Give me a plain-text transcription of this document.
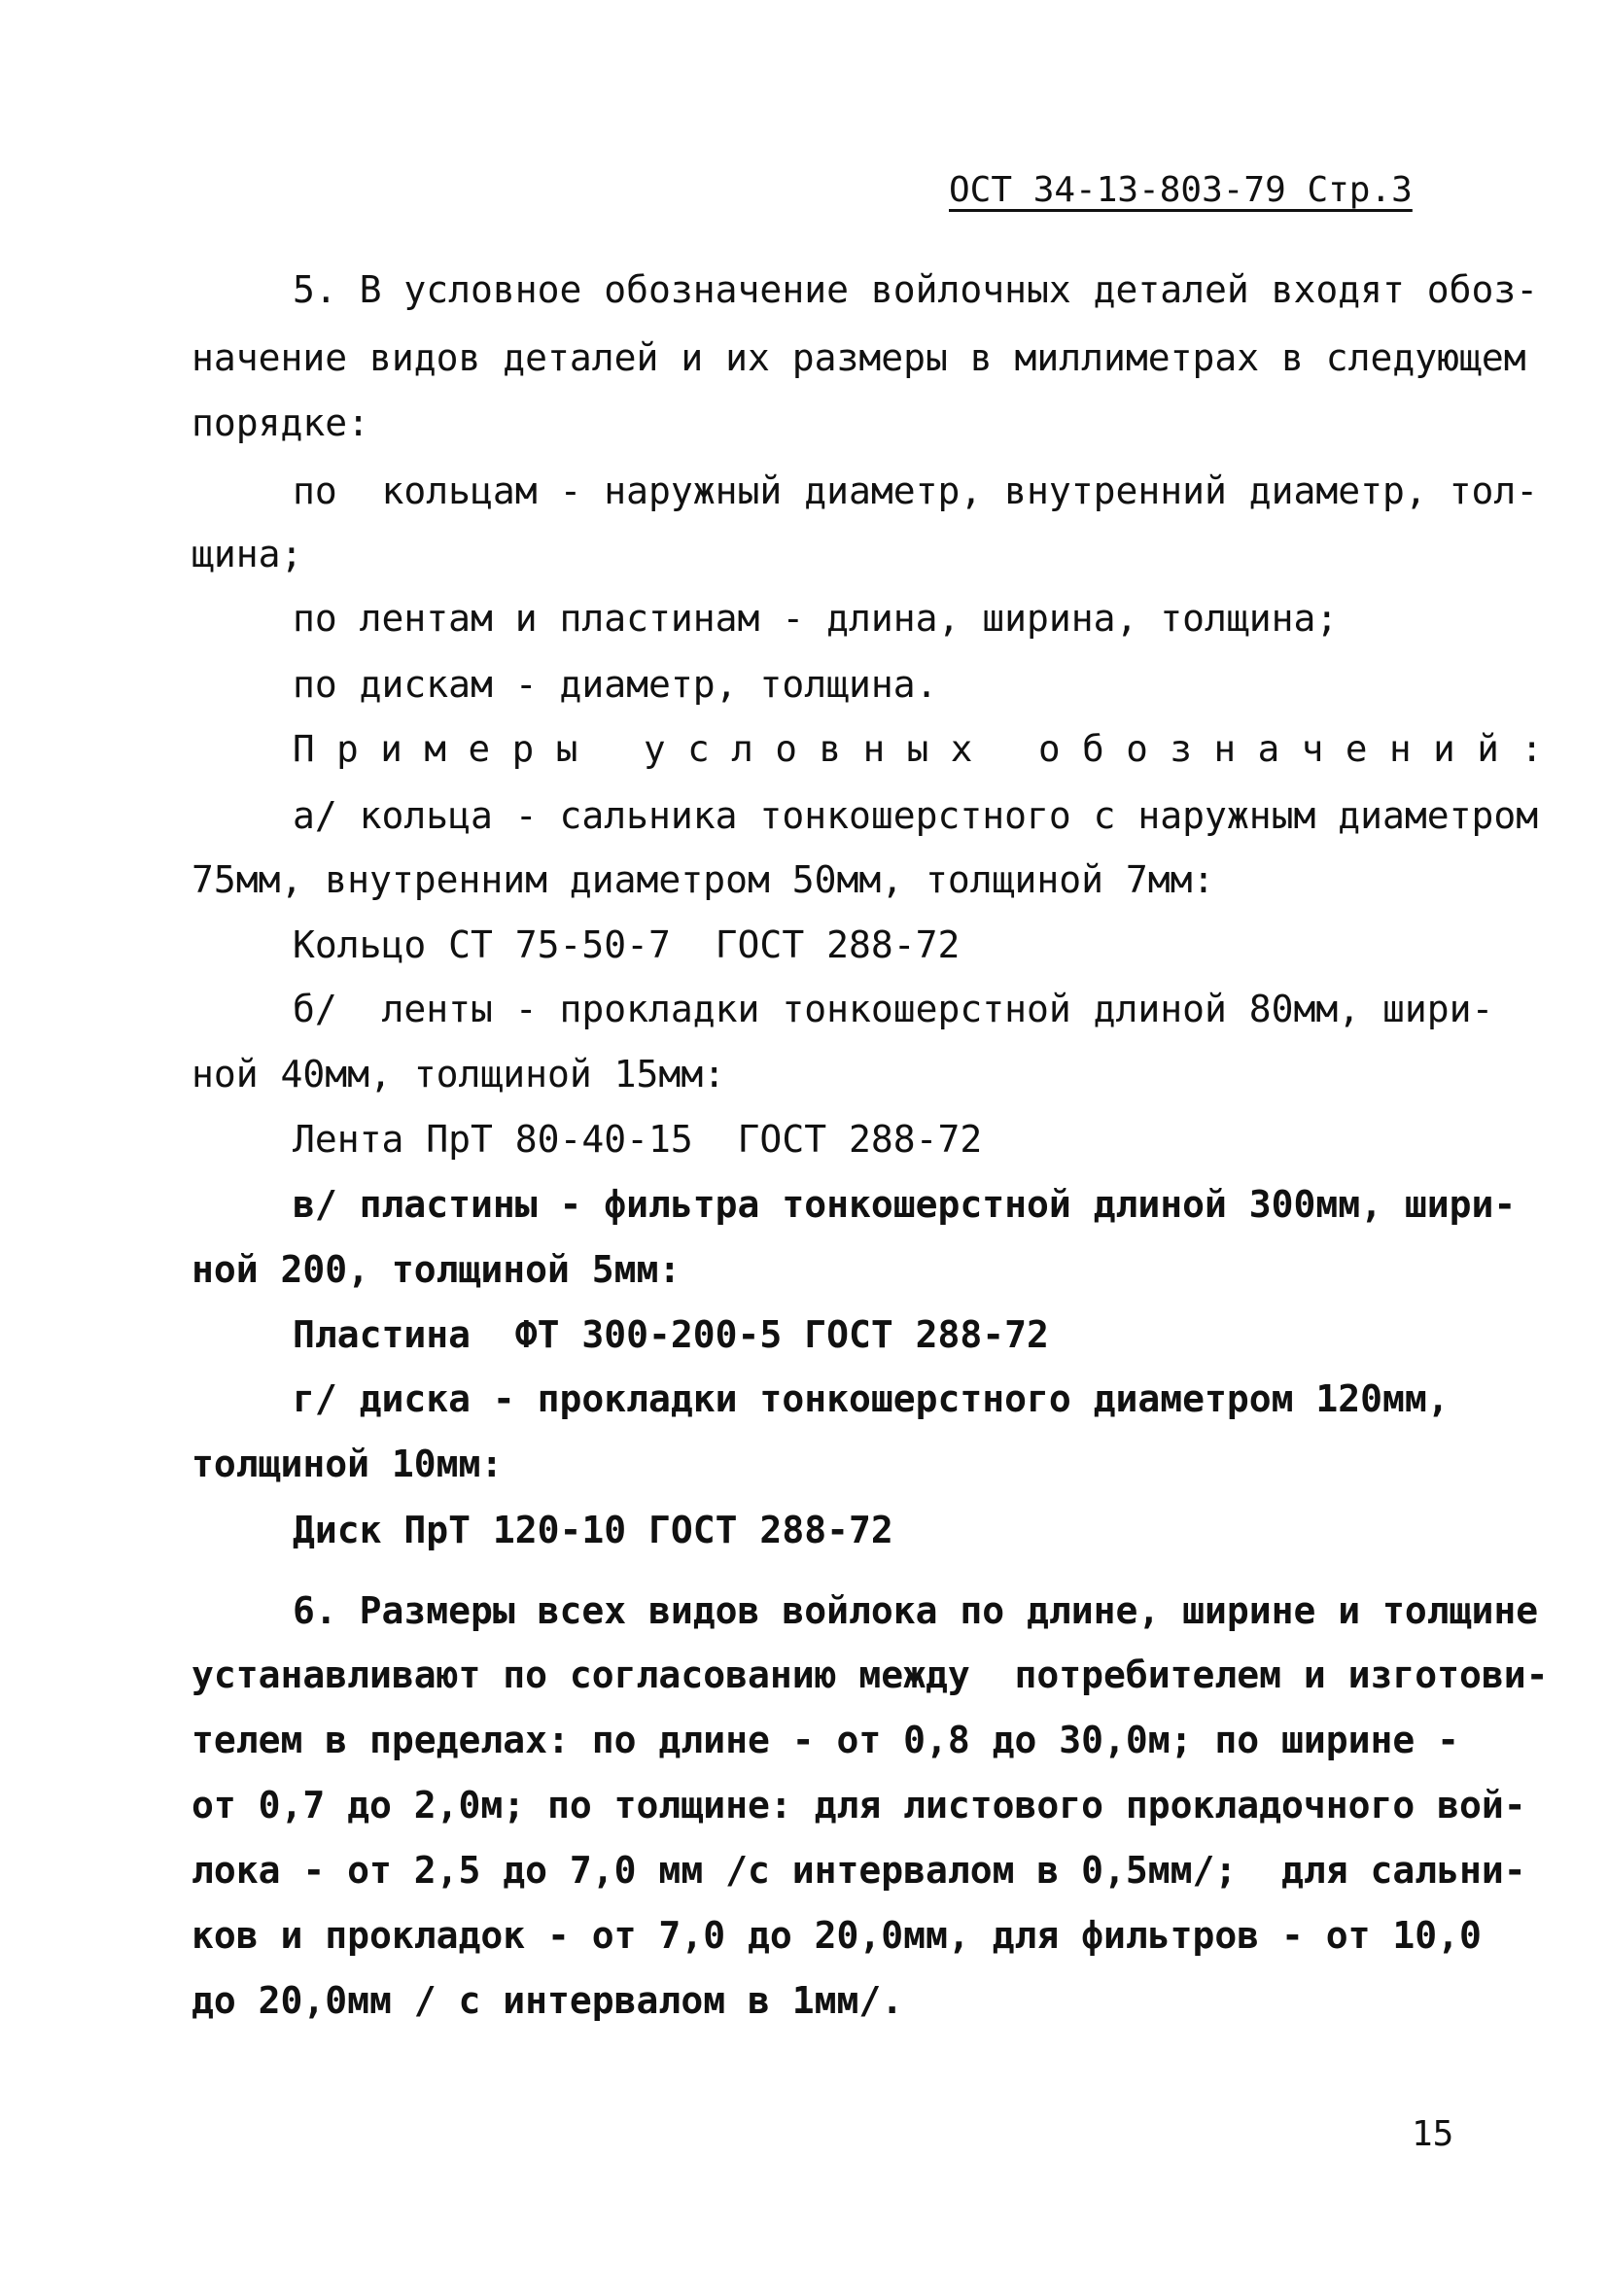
ОСТ 34-13-803-79 Стр.3

5. В условное обозначение войлочных деталей входят обоз-

начение видов деталей и их размеры в миллиметрах в следующем

порядке:

по  кольцам - наружный диаметр, внутренний диаметр, тол-

щина;

по лентам и пластинам - длина, ширина, толщина;

по дискам - диаметр, толщина.

Примеры условных обозначений:

а/ кольца - сальника тонкошерстного с наружным диаметром

75мм, внутренним диаметром 50мм, толщиной 7мм:

Кольцо СТ 75-50-7  ГОСТ 288-72

б/  ленты - прокладки тонкошерстной длиной 80мм, шири-

ной 40мм, толщиной 15мм:

Лента ПрТ 80-40-15  ГОСТ 288-72

в/ пластины - фильтра тонкошерстной длиной 300мм, шири-

ной 200, толщиной 5мм:

Пластина  ФТ 300-200-5 ГОСТ 288-72

г/ диска - прокладки тонкошерстного диаметром 120мм,

толщиной 10мм:

Диск ПрТ 120-10 ГОСТ 288-72

6. Размеры всех видов войлока по длине, ширине и толщине

устанавливают по согласованию между  потребителем и изготови-

телем в пределах: по длине - от 0,8 до 30,0м; по ширине -

от 0,7 до 2,0м; по толщине: для листового прокладочного вой-

лока - от 2,5 до 7,0 мм /с интервалом в 0,5мм/;  для сальни-

ков и прокладок - от 7,0 до 20,0мм, для фильтров - от 10,0

до 20,0мм / с интервалом в 1мм/.

15
